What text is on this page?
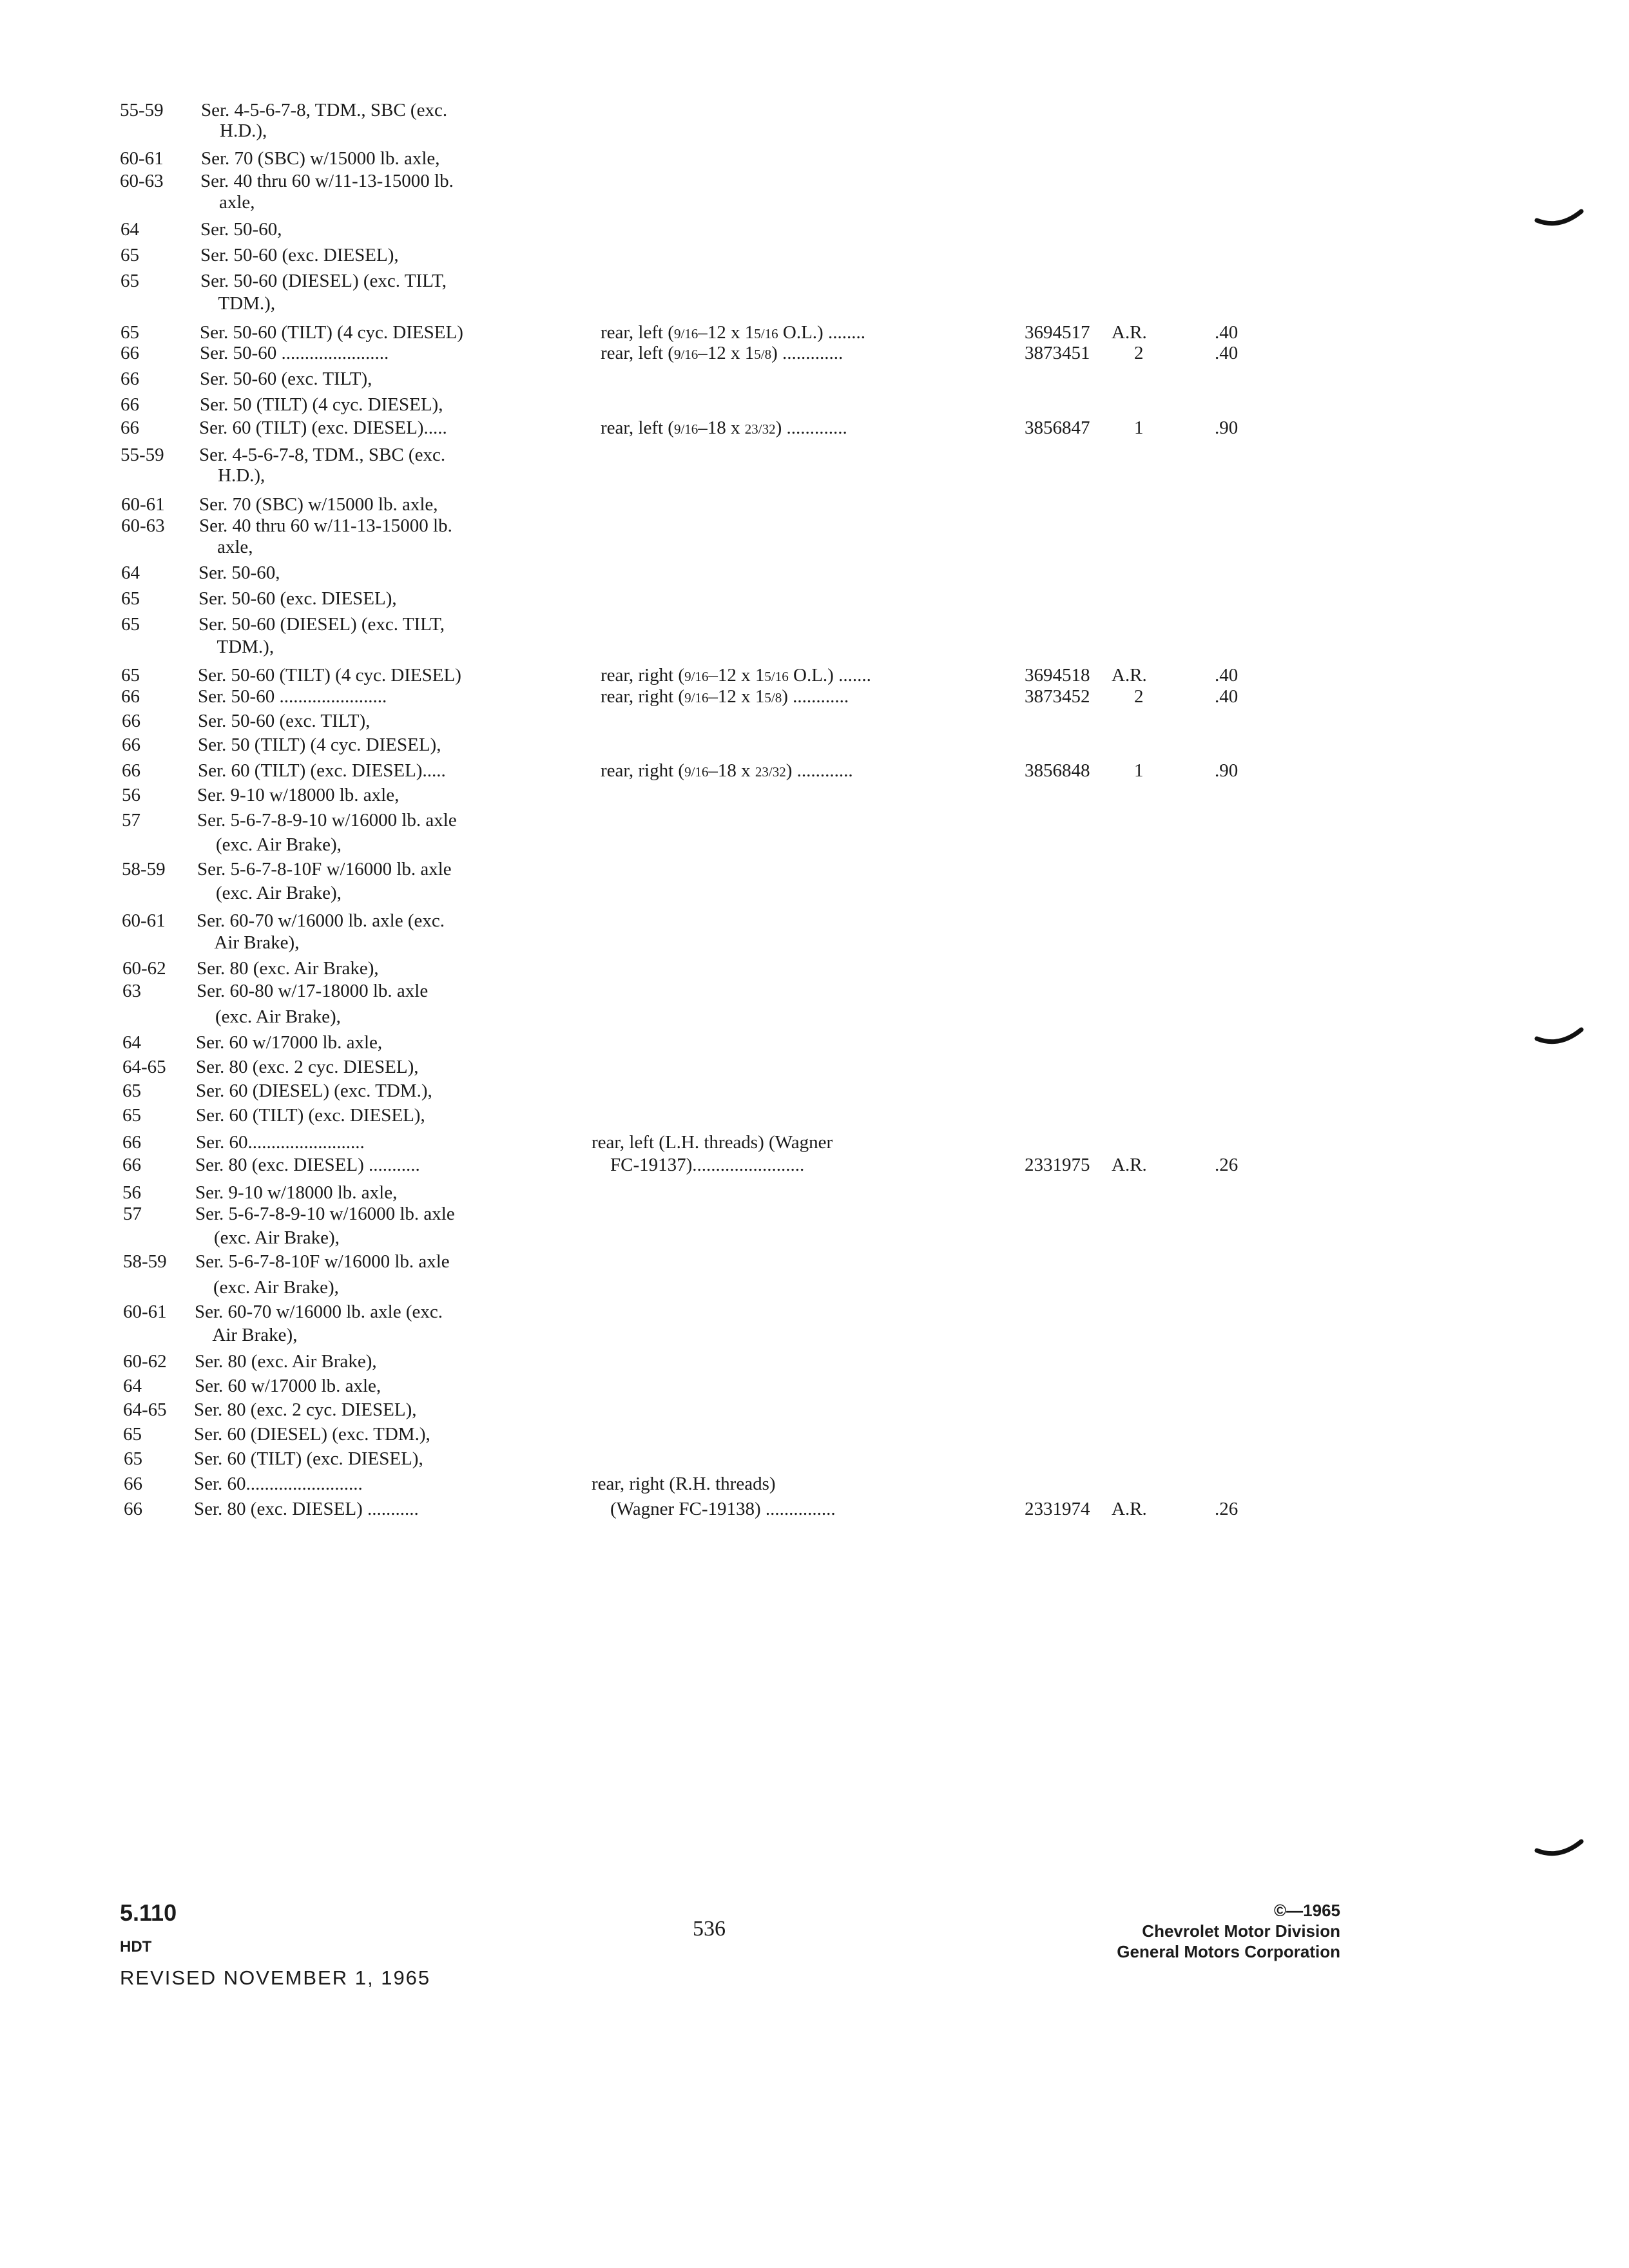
55-59 Ser. 4-5-6-7-8, TDM., SBC (exc.
H.D.),
60-61 Ser. 70 (SBC) w/15000 lb. axle,
60-63 Ser. 40 thru 60 w/11-13-15000 lb.
axle,
64	Ser. 50-60,
65	Ser. 50-60 (exc. DIESEL),
65	Ser. 50-60 (DIESEL) (exc. TILT,
TDM.),
65	Ser. 50-60 (TILT) (4 cyc. DIESEL)	rear, left (9/16–12 x 15/16 O.L.) ........	3694517 A.R.	.40
66	Ser. 50-60 .......................	rear, left (9/16–12 x 15/8) .............	3873451 2	.40
66	Ser. 50-60 (exc. TILT),
66	Ser. 50 (TILT) (4 cyc. DIESEL),
66	Ser. 60 (TILT) (exc. DIESEL).....	rear, left (9/16–18 x 23/32) .............	3856847 1	.90
55-59 Ser. 4-5-6-7-8, TDM., SBC (exc.
H.D.),
60-61 Ser. 70 (SBC) w/15000 lb. axle,
60-63 Ser. 40 thru 60 w/11-13-15000 lb.
axle,
64	Ser. 50-60,
65	Ser. 50-60 (exc. DIESEL),
65	Ser. 50-60 (DIESEL) (exc. TILT,
TDM.),
65	Ser. 50-60 (TILT) (4 cyc. DIESEL)	rear, right (9/16–12 x 15/16 O.L.) .......	3694518 A.R.	.40
66	Ser. 50-60 .......................	rear, right (9/16–12 x 15/8) ............	3873452 2	.40
66	Ser. 50-60 (exc. TILT),
66	Ser. 50 (TILT) (4 cyc. DIESEL),
66	Ser. 60 (TILT) (exc. DIESEL).....	rear, right (9/16–18 x 23/32) ............	3856848 1	.90
56	Ser. 9-10 w/18000 lb. axle,
57	Ser. 5-6-7-8-9-10 w/16000 lb. axle
(exc. Air Brake),
58-59 Ser. 5-6-7-8-10F w/16000 lb. axle
(exc. Air Brake),
60-61 Ser. 60-70 w/16000 lb. axle (exc.
Air Brake),
60-62 Ser. 80 (exc. Air Brake),
63	Ser. 60-80 w/17-18000 lb. axle
(exc. Air Brake),
64	Ser. 60 w/17000 lb. axle,
64-65 Ser. 80 (exc. 2 cyc. DIESEL),
65	Ser. 60 (DIESEL) (exc. TDM.),
65	Ser. 60 (TILT) (exc. DIESEL),
66	Ser. 60.........................	rear, left (L.H. threads) (Wagner
66	Ser. 80 (exc. DIESEL) ...........	FC-19137)........................	2331975 A.R.	.26
56	Ser. 9-10 w/18000 lb. axle,
57	Ser. 5-6-7-8-9-10 w/16000 lb. axle
(exc. Air Brake),
58-59 Ser. 5-6-7-8-10F w/16000 lb. axle
(exc. Air Brake),
60-61 Ser. 60-70 w/16000 lb. axle (exc.
Air Brake),
60-62 Ser. 80 (exc. Air Brake),
64	Ser. 60 w/17000 lb. axle,
64-65 Ser. 80 (exc. 2 cyc. DIESEL),
65	Ser. 60 (DIESEL) (exc. TDM.),
65	Ser. 60 (TILT) (exc. DIESEL),
66	Ser. 60.........................	rear, right (R.H. threads)
66	Ser. 80 (exc. DIESEL) ...........	(Wagner FC-19138) ...............	2331974 A.R.	.26
5.110
HDT
REVISED NOVEMBER 1, 1965
536
©—1965
Chevrolet Motor Division
General Motors Corporation
